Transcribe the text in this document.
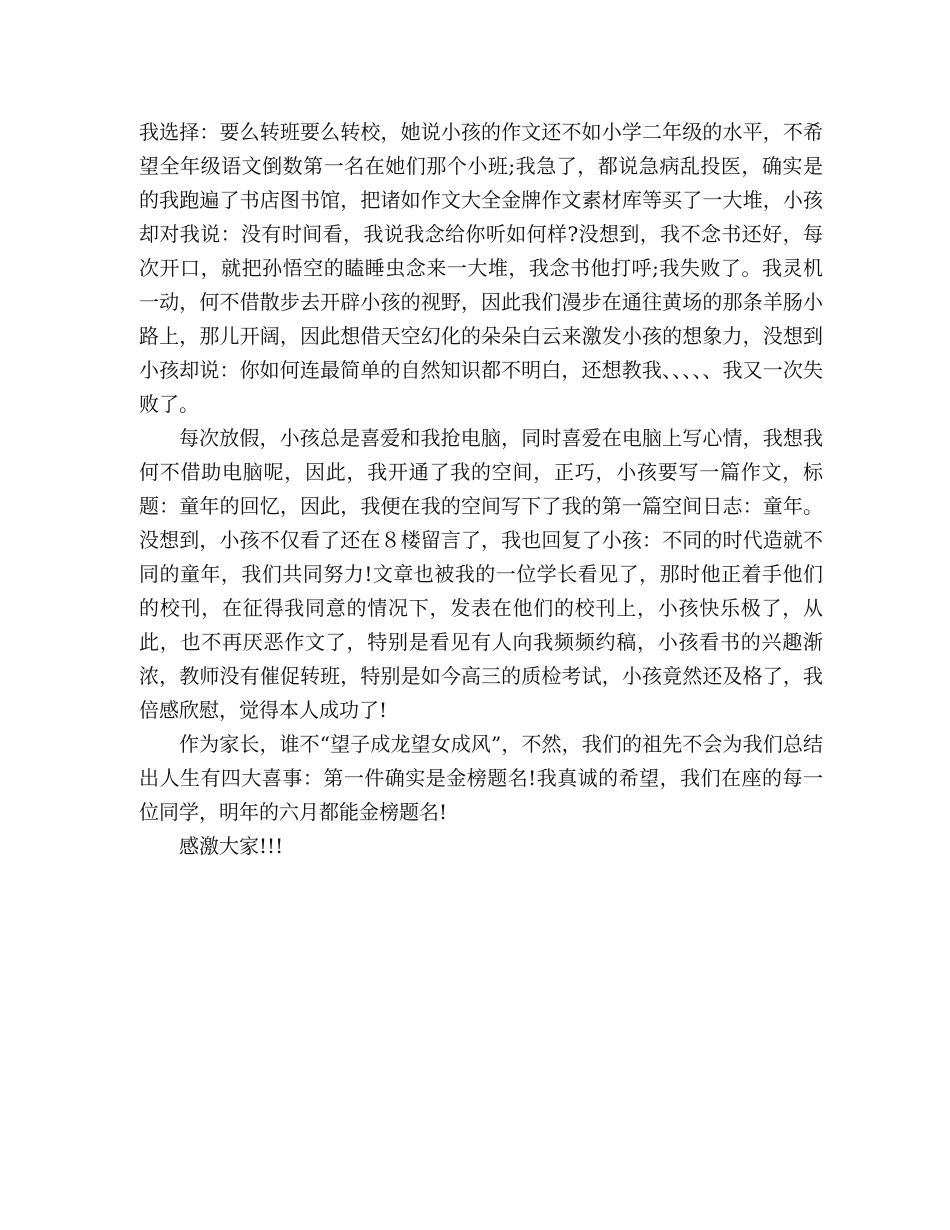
我选择：要么转班要么转校，她说小孩的作文还不如小学二年级的水平，不希望全年级语文倒数第一名在她们那个小班;我急了，都说急病乱投医，确实是的我跑遍了书店图书馆，把诸如作文大全金牌作文素材库等买了一大堆，小孩却对我说：没有时间看，我说我念给你听如何样?没想到，我不念书还好，每次开口，就把孙悟空的瞌睡虫念来一大堆，我念书他打呼;我失败了。我灵机一动，何不借散步去开辟小孩的视野，因此我们漫步在通往黄场的那条羊肠小路上，那儿开阔，因此想借天空幻化的朵朵白云来激发小孩的想象力，没想到小孩却说：你如何连最简单的自然知识都不明白，还想教我、、、、、我又一次失败了。

每次放假，小孩总是喜爱和我抢电脑，同时喜爱在电脑上写心情，我想我何不借助电脑呢，因此，我开通了我的空间，正巧，小孩要写一篇作文，标题：童年的回忆，因此，我便在我的空间写下了我的第一篇空间日志：童年。没想到，小孩不仅看了还在８楼留言了，我也回复了小孩：不同的时代造就不同的童年，我们共同努力!文章也被我的一位学长看见了，那时他正着手他们的校刊，在征得我同意的情况下，发表在他们的校刊上，小孩快乐极了，从此，也不再厌恶作文了，特别是看见有人向我频频约稿，小孩看书的兴趣渐浓，教师没有催促转班，特别是如今高三的质检考试，小孩竟然还及格了，我倍感欣慰，觉得本人成功了!

作为家长，谁不“望子成龙望女成风”，不然，我们的祖先不会为我们总结出人生有四大喜事：第一件确实是金榜题名!我真诚的希望，我们在座的每一位同学，明年的六月都能金榜题名!

感激大家!!!
